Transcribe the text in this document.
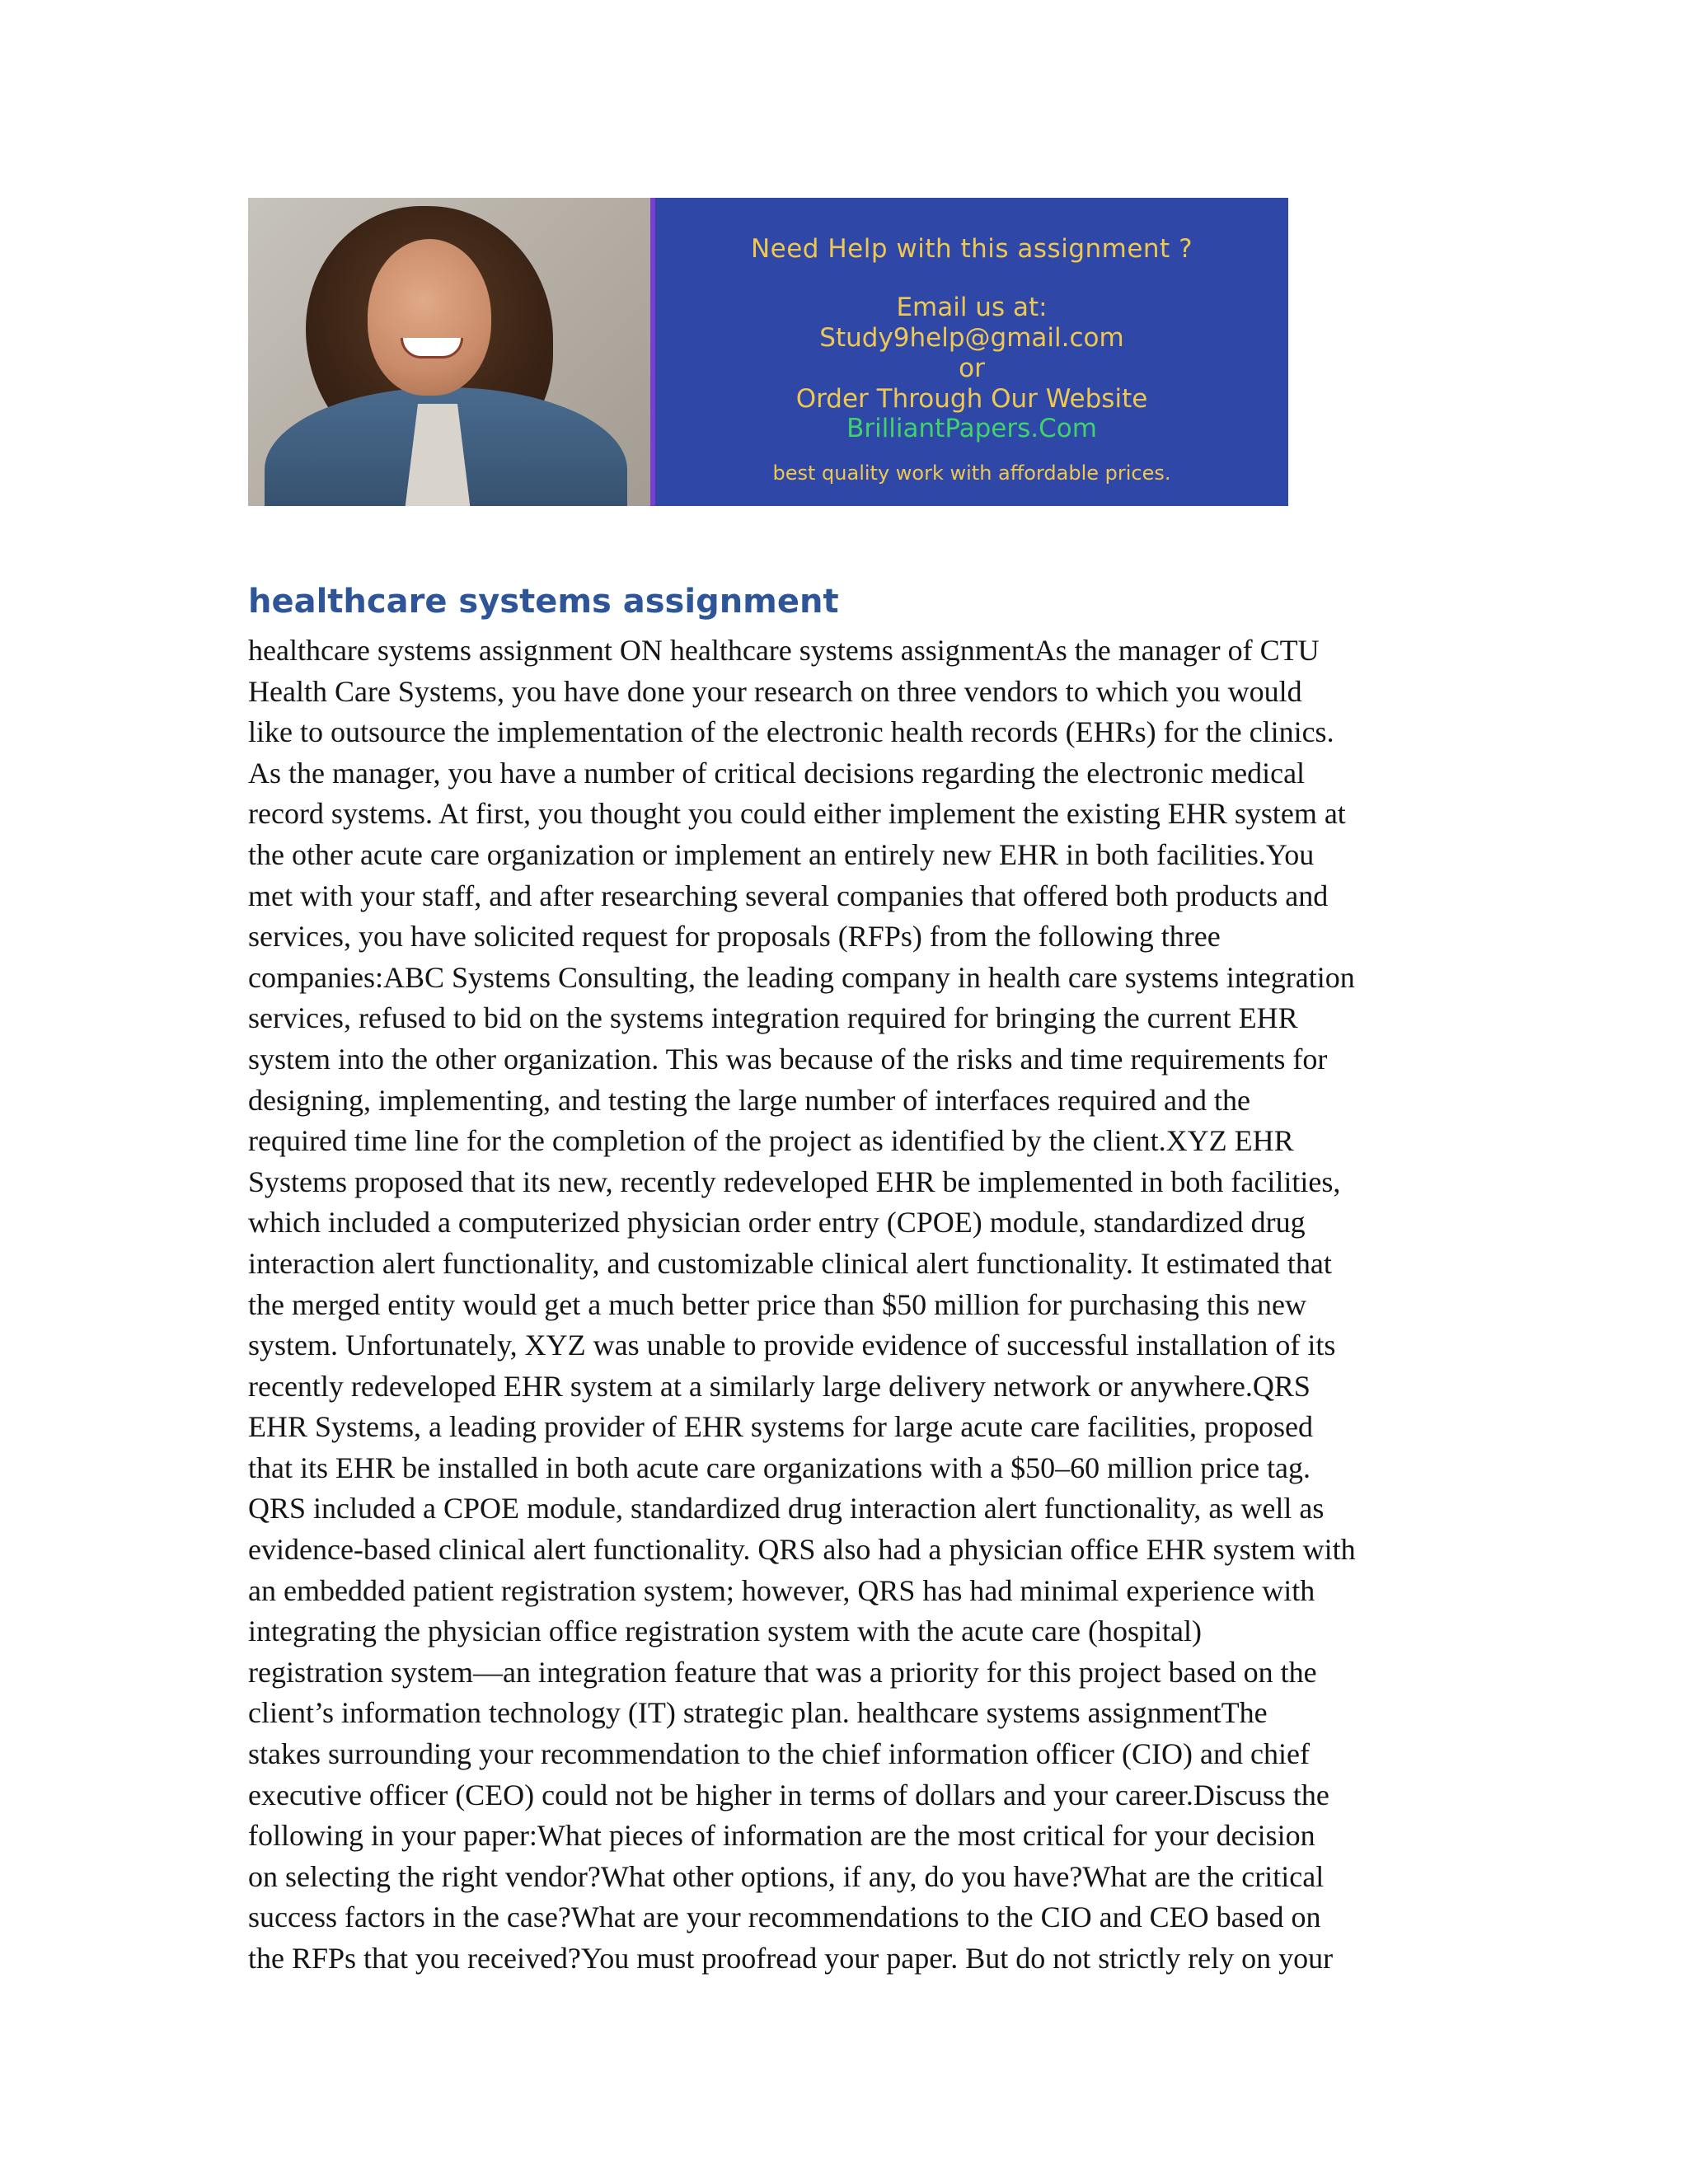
Need Help with this assignment ?
Email us at:
Study9help@gmail.com
or
Order Through Our Website
BrilliantPapers.Com
best quality work with affordable prices.
healthcare systems assignment
healthcare systems assignment ON healthcare systems assignmentAs the manager of CTU
Health Care Systems, you have done your research on three vendors to which you would
like to outsource the implementation of the electronic health records (EHRs) for the clinics.
As the manager, you have a number of critical decisions regarding the electronic medical
record systems. At first, you thought you could either implement the existing EHR system at
the other acute care organization or implement an entirely new EHR in both facilities.You
met with your staff, and after researching several companies that offered both products and
services, you have solicited request for proposals (RFPs) from the following three
companies:ABC Systems Consulting, the leading company in health care systems integration
services, refused to bid on the systems integration required for bringing the current EHR
system into the other organization. This was because of the risks and time requirements for
designing, implementing, and testing the large number of interfaces required and the
required time line for the completion of the project as identified by the client.XYZ EHR
Systems proposed that its new, recently redeveloped EHR be implemented in both facilities,
which included a computerized physician order entry (CPOE) module, standardized drug
interaction alert functionality, and customizable clinical alert functionality. It estimated that
the merged entity would get a much better price than $50 million for purchasing this new
system. Unfortunately, XYZ was unable to provide evidence of successful installation of its
recently redeveloped EHR system at a similarly large delivery network or anywhere.QRS
EHR Systems, a leading provider of EHR systems for large acute care facilities, proposed
that its EHR be installed in both acute care organizations with a $50–60 million price tag.
QRS included a CPOE module, standardized drug interaction alert functionality, as well as
evidence-based clinical alert functionality. QRS also had a physician office EHR system with
an embedded patient registration system; however, QRS has had minimal experience with
integrating the physician office registration system with the acute care (hospital)
registration system—an integration feature that was a priority for this project based on the
client’s information technology (IT) strategic plan. healthcare systems assignmentThe
stakes surrounding your recommendation to the chief information officer (CIO) and chief
executive officer (CEO) could not be higher in terms of dollars and your career.Discuss the
following in your paper:What pieces of information are the most critical for your decision
on selecting the right vendor?What other options, if any, do you have?What are the critical
success factors in the case?What are your recommendations to the CIO and CEO based on
the RFPs that you received?You must proofread your paper. But do not strictly rely on your
